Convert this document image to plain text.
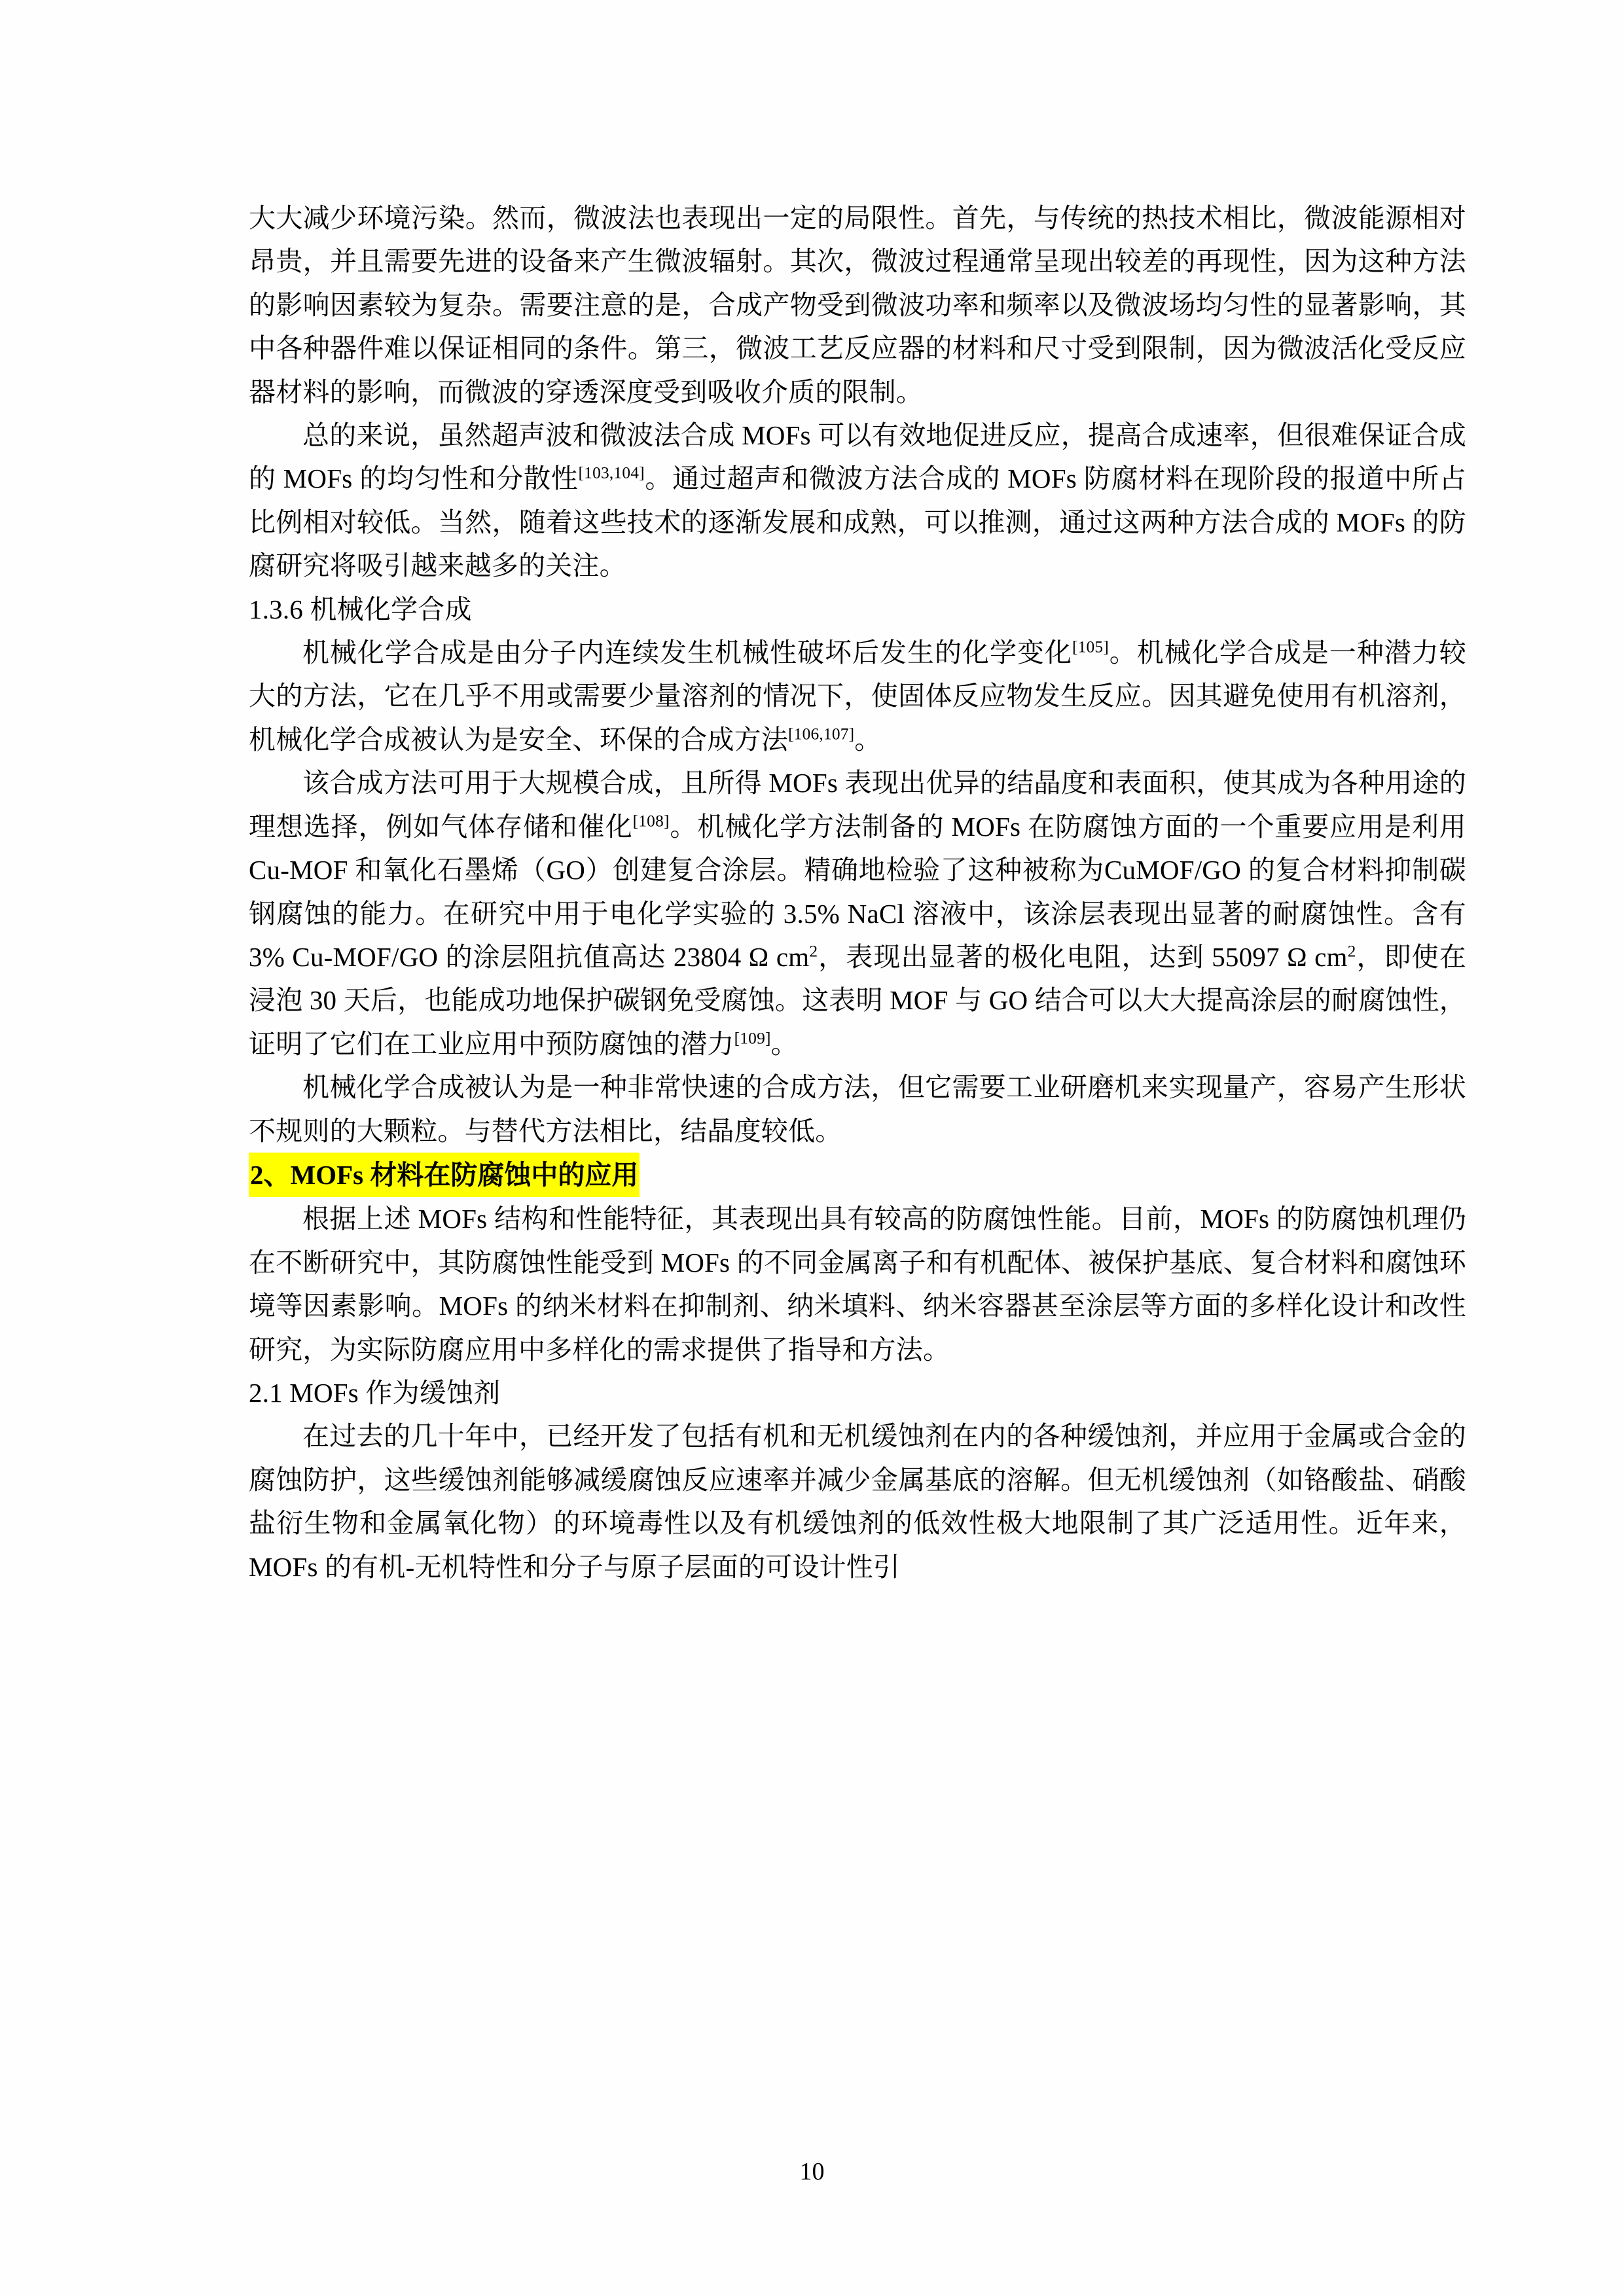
大大减少环境污染。然而，微波法也表现出一定的局限性。首先，与传统的热技术相比，微波能源相对昂贵，并且需要先进的设备来产生微波辐射。其次，微波过程通常呈现出较差的再现性，因为这种方法的影响因素较为复杂。需要注意的是，合成产物受到微波功率和频率以及微波场均匀性的显著影响，其中各种器件难以保证相同的条件。第三，微波工艺反应器的材料和尺寸受到限制，因为微波活化受反应器材料的影响，而微波的穿透深度受到吸收介质的限制。

总的来说，虽然超声波和微波法合成 MOFs 可以有效地促进反应，提高合成速率，但很难保证合成的 MOFs 的均匀性和分散性[103,104]。通过超声和微波方法合成的 MOFs 防腐材料在现阶段的报道中所占比例相对较低。当然，随着这些技术的逐渐发展和成熟，可以推测，通过这两种方法合成的 MOFs 的防腐研究将吸引越来越多的关注。

1.3.6 机械化学合成

机械化学合成是由分子内连续发生机械性破坏后发生的化学变化[105]。机械化学合成是一种潜力较大的方法，它在几乎不用或需要少量溶剂的情况下，使固体反应物发生反应。因其避免使用有机溶剂，机械化学合成被认为是安全、环保的合成方法[106,107]。

该合成方法可用于大规模合成，且所得 MOFs 表现出优异的结晶度和表面积，使其成为各种用途的理想选择，例如气体存储和催化[108]。机械化学方法制备的 MOFs 在防腐蚀方面的一个重要应用是利用 Cu-MOF 和氧化石墨烯（GO）创建复合涂层。精确地检验了这种被称为CuMOF/GO 的复合材料抑制碳钢腐蚀的能力。在研究中用于电化学实验的 3.5% NaCl 溶液中，该涂层表现出显著的耐腐蚀性。含有 3% Cu-MOF/GO 的涂层阻抗值高达 23804 Ω $cm^2$，表现出显著的极化电阻，达到 55097 Ω $cm^2$，即使在浸泡 30 天后，也能成功地保护碳钢免受腐蚀。这表明 MOF 与 GO 结合可以大大提高涂层的耐腐蚀性，证明了它们在工业应用中预防腐蚀的潜力[109]。

机械化学合成被认为是一种非常快速的合成方法，但它需要工业研磨机来实现量产，容易产生形状不规则的大颗粒。与替代方法相比，结晶度较低。

2、MOFs 材料在防腐蚀中的应用

根据上述 MOFs 结构和性能特征，其表现出具有较高的防腐蚀性能。目前，MOFs 的防腐蚀机理仍在不断研究中，其防腐蚀性能受到 MOFs 的不同金属离子和有机配体、被保护基底、复合材料和腐蚀环境等因素影响。MOFs 的纳米材料在抑制剂、纳米填料、纳米容器甚至涂层等方面的多样化设计和改性研究，为实际防腐应用中多样化的需求提供了指导和方法。

2.1 MOFs 作为缓蚀剂

在过去的几十年中，已经开发了包括有机和无机缓蚀剂在内的各种缓蚀剂，并应用于金属或合金的腐蚀防护，这些缓蚀剂能够减缓腐蚀反应速率并减少金属基底的溶解。但无机缓蚀剂（如铬酸盐、硝酸盐衍生物和金属氧化物）的环境毒性以及有机缓蚀剂的低效性极大地限制了其广泛适用性。近年来，MOFs 的有机-无机特性和分子与原子层面的可设计性引

10
